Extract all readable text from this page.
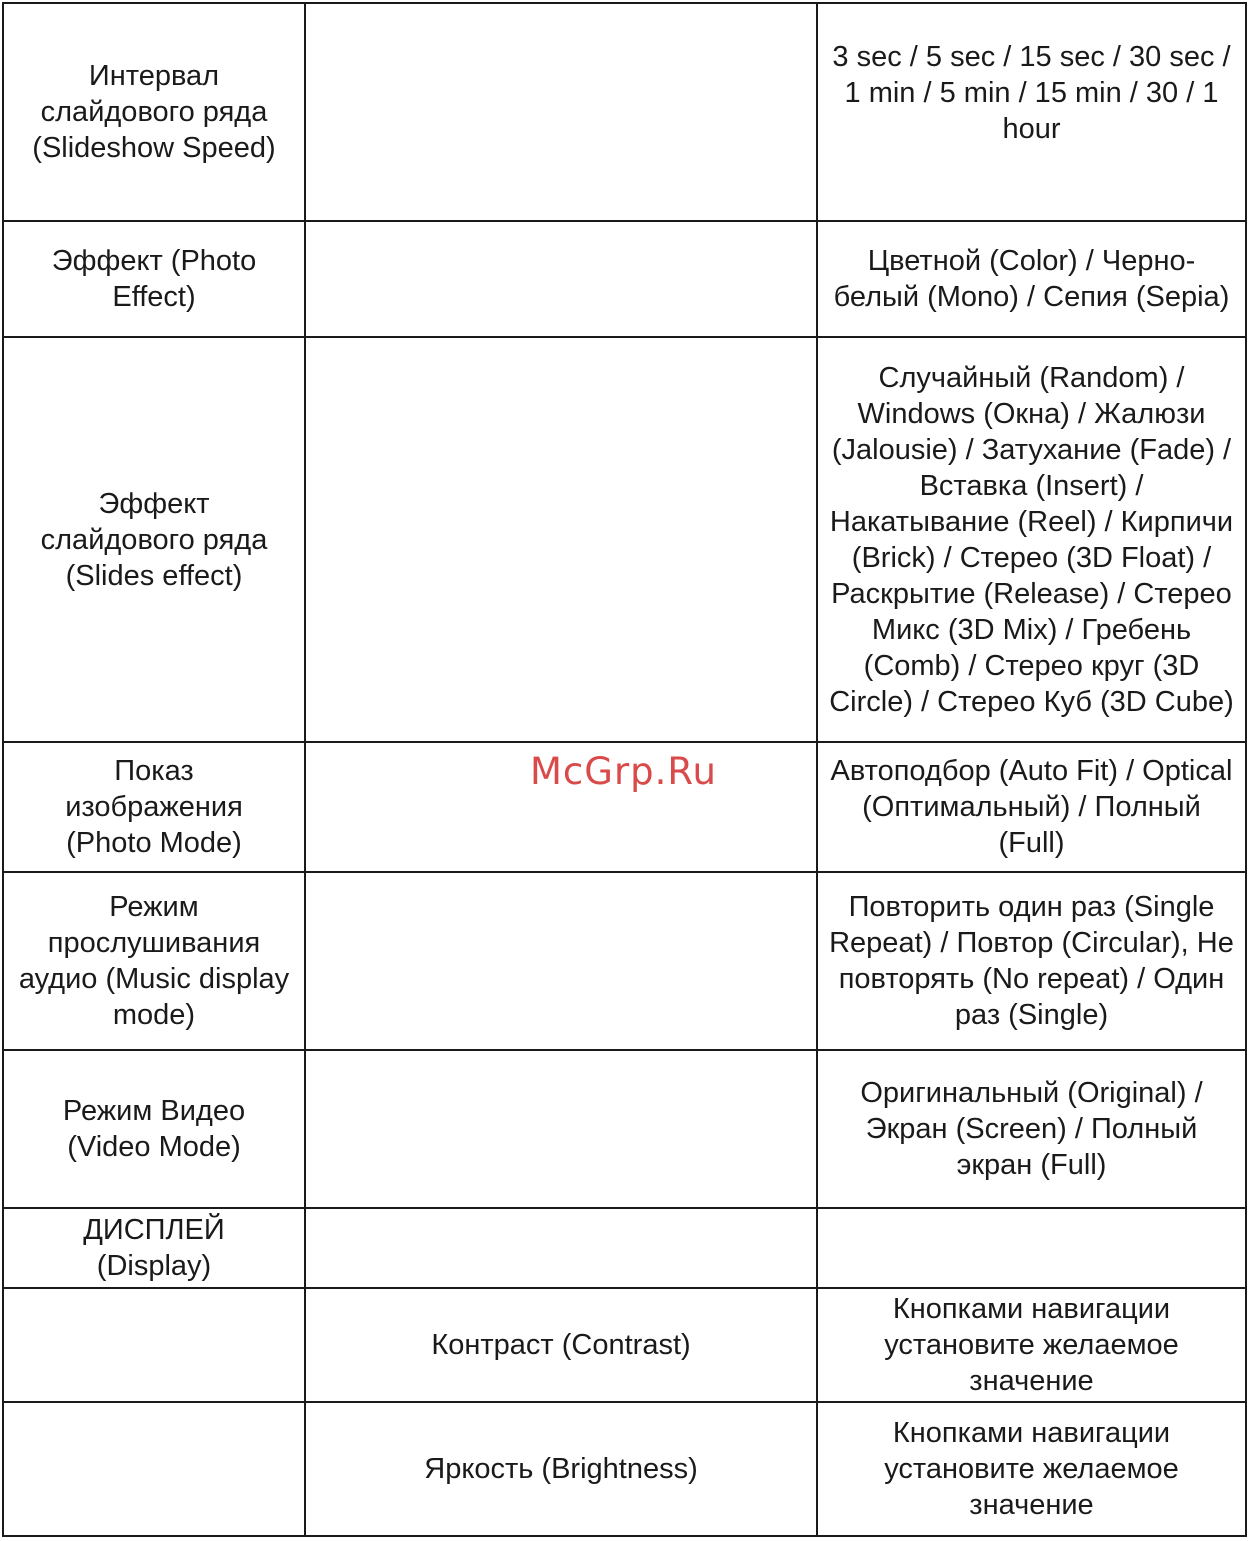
Интервал слайдового ряда (Slideshow Speed)		3 sec / 5 sec / 15 sec / 30 sec / 1 min / 5 min / 15 min / 30 / 1 hour
Эффект (Photo Effect)		Цветной (Color) / Черно-белый (Mono) / Сепия (Sepia)
Эффект слайдового ряда (Slides effect)		Случайный (Random) / Windows (Окна) / Жалюзи (Jalousie) / Затухание (Fade) / Вставка (Insert) / Накатывание (Reel) / Кирпичи (Brick) / Стерео (3D Float) / Раскрытие (Release) / Стерео Микс (3D Mix) / Гребень (Comb) / Стерео круг (3D Circle) / Стерео Куб (3D Cube)
Показ изображения (Photo Mode)		Автоподбор (Auto Fit) / Optical (Оптимальный) / Полный (Full)
Режим прослушивания аудио (Music display mode)		Повторить один раз (Single Repeat) / Повтор (Circular), Не повторять (No repeat) / Один раз (Single)
Режим Видео (Video Mode)		Оригинальный (Original) / Экран (Screen) / Полный экран (Full)
ДИСПЛЕЙ (Display)		
	Контраст (Contrast)	Кнопками навигации установите желаемое значение
	Яркость (Brightness)	Кнопками навигации установите желаемое значение
McGrp.Ru
